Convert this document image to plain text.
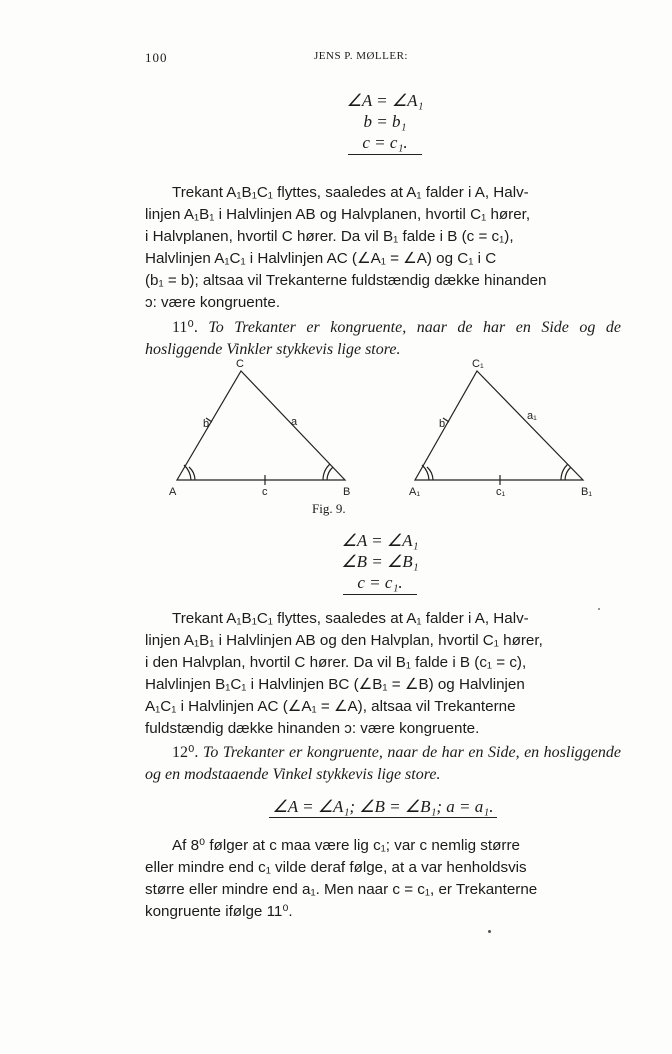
100	JENS P. MØLLER:
∠A = ∠A₁
b = b₁
c = c₁.
Trekant A₁B₁C₁ flyttes, saaledes at A₁ falder i A, Halv-
linjen A₁B₁ i Halvlinjen AB og Halvplanen, hvortil C₁ hører,
i Halvplanen, hvortil C hører. Da vil B₁ falde i B (c = c₁),
Halvlinjen A₁C₁ i Halvlinjen AC (∠A₁ = ∠A) og C₁ i C
(b₁ = b); altsaa vil Trekanterne fuldstændig dække hinanden
ɔ: være kongruente.
11⁰. To Trekanter er kongruente, naar de har en Side og de hosliggende Vinkler stykkevis lige store.
A	B
C
a
b
c	A₁	B₁
C₁
a₁
b
c₁
Fig. 9.
∠A = ∠A₁
∠B = ∠B₁
c = c₁.
Trekant A₁B₁C₁ flyttes, saaledes at A₁ falder i A, Halv-
linjen A₁B₁ i Halvlinjen AB og den Halvplan, hvortil C₁ hører,
i den Halvplan, hvortil C hører. Da vil B₁ falde i B (c₁ = c),
Halvlinjen B₁C₁ i Halvlinjen BC (∠B₁ = ∠B) og Halvlinjen
A₁C₁ i Halvlinjen AC (∠A₁ = ∠A), altsaa vil Trekanterne
fuldstændig dække hinanden ɔ: være kongruente.
12⁰. To Trekanter er kongruente, naar de har en Side, en hosliggende og en modstaaende Vinkel stykkevis lige store.
∠A = ∠A₁; ∠B = ∠B₁; a = a₁.
Af 8⁰ følger at c maa være lig c₁; var c nemlig større
eller mindre end c₁ vilde deraf følge, at a var henholdsvis
større eller mindre end a₁. Men naar c = c₁, er Trekanterne
kongruente ifølge 11⁰.
